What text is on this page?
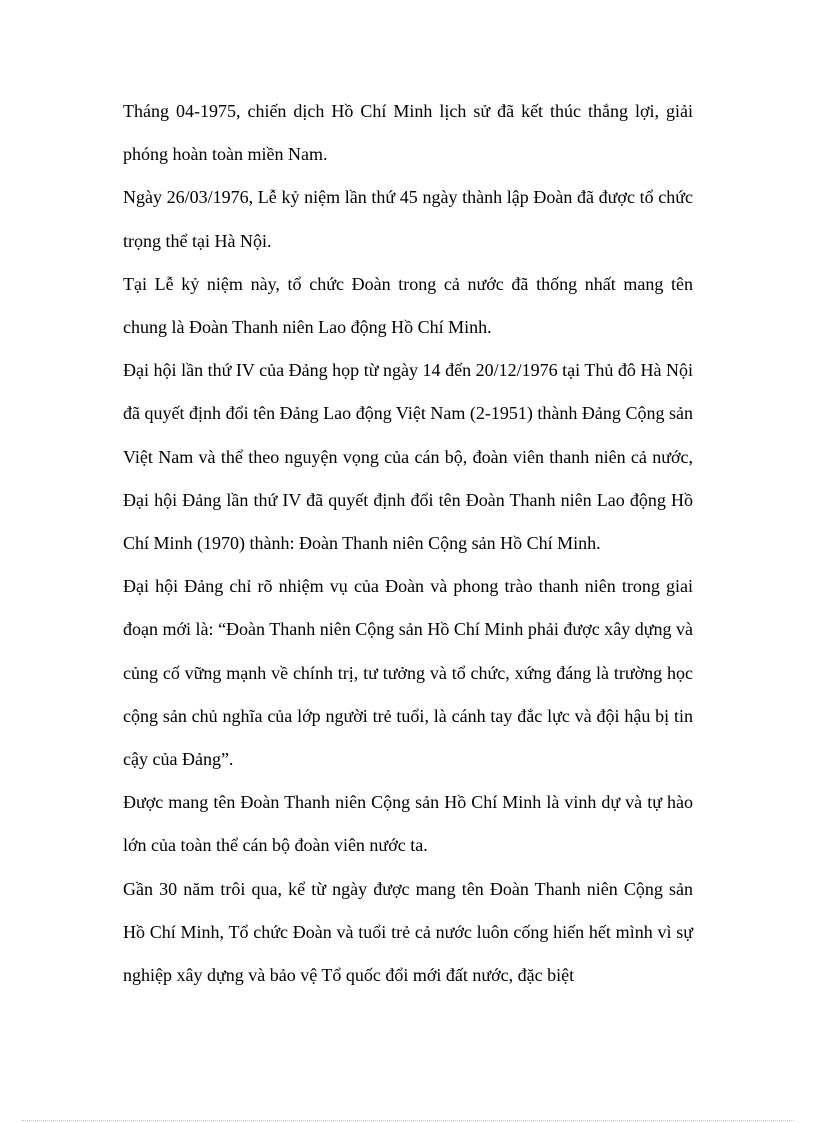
Tháng 04-1975, chiến dịch Hồ Chí Minh lịch sử đã kết thúc thắng lợi, giải phóng hoàn toàn miền Nam.

Ngày 26/03/1976, Lễ kỷ niệm lần thứ 45 ngày thành lập Đoàn đã được tổ chức trọng thể tại Hà Nội.

Tại Lễ kỷ niệm này, tổ chức Đoàn trong cả nước đã thống nhất mang tên chung là Đoàn Thanh niên Lao động Hồ Chí Minh.

Đại hội lần thứ IV của Đảng họp từ ngày 14 đến 20/12/1976 tại Thủ đô Hà Nội đã quyết định đổi tên Đảng Lao động Việt Nam (2-1951) thành Đảng Cộng sản Việt Nam và thể theo nguyện vọng của cán bộ, đoàn viên thanh niên cả nước, Đại hội Đảng lần thứ IV đã quyết định đổi tên Đoàn Thanh niên Lao động Hồ Chí Minh (1970) thành: Đoàn Thanh niên Cộng sản Hồ Chí Minh.

Đại hội Đảng chỉ rõ nhiệm vụ của Đoàn và phong trào thanh niên trong giai đoạn mới là: “Đoàn Thanh niên Cộng sản Hồ Chí Minh phải được xây dựng và củng cố vững mạnh về chính trị, tư tưởng và tổ chức, xứng đáng là trường học cộng sản chủ nghĩa của lớp người trẻ tuổi, là cánh tay đắc lực và đội hậu bị tin cậy của Đảng”.

Được mang tên Đoàn Thanh niên Cộng sản Hồ Chí Minh là vinh dự và tự hào lớn của toàn thể cán bộ đoàn viên nước ta.

Gần 30 năm trôi qua, kể từ ngày được mang tên Đoàn Thanh niên Cộng sản Hồ Chí Minh, Tổ chức Đoàn và tuổi trẻ cả nước luôn cống hiến hết mình vì sự nghiệp xây dựng và bảo vệ Tổ quốc đổi mới đất nước, đặc biệt
